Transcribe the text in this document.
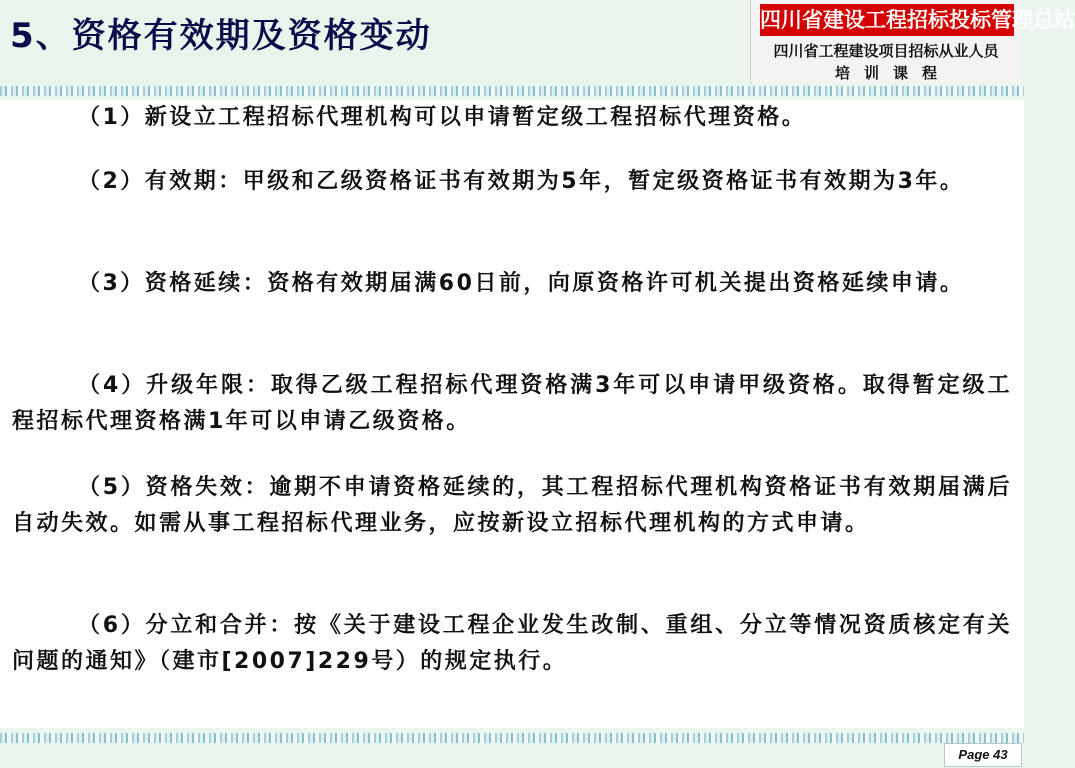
5、资格有效期及资格变动	四川省建设工程招标投标管理总站
四川省工程建设项目招标从业人员
培训课程

（1）新设立工程招标代理机构可以申请暂定级工程招标代理资格。

（2）有效期：甲级和乙级资格证书有效期为5年，暂定级资格证书有效期为3年。

（3）资格延续：资格有效期届满60日前，向原资格许可机关提出资格延续申请。

（4）升级年限：取得乙级工程招标代理资格满3年可以申请甲级资格。取得暂定级工程招标代理资格满1年可以申请乙级资格。

（5）资格失效：逾期不申请资格延续的，其工程招标代理机构资格证书有效期届满后自动失效。如需从事工程招标代理业务，应按新设立招标代理机构的方式申请。

（6）分立和合并：按《关于建设工程企业发生改制、重组、分立等情况资质核定有关问题的通知》（建市[2007]229号）的规定执行。

Page 43
